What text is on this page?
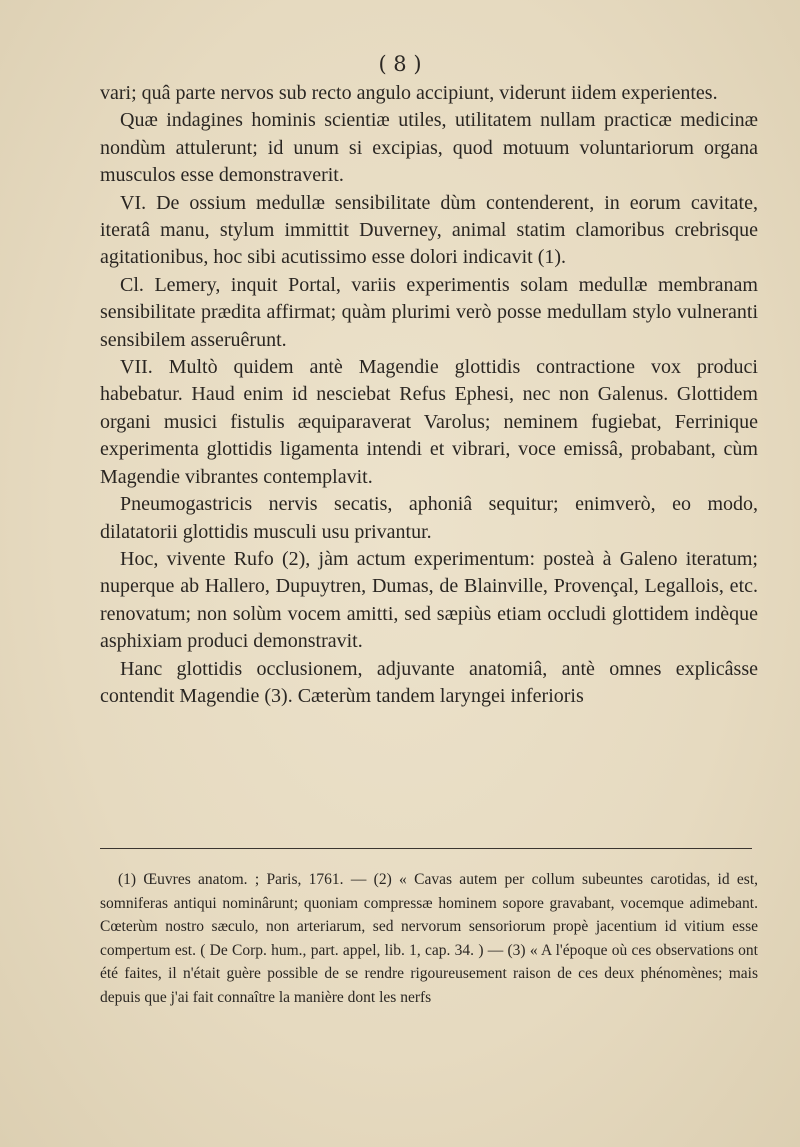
( 8 )

vari; quâ parte nervos sub recto angulo accipiunt, viderunt iidem experientes.

Quæ indagines hominis scientiæ utiles, utilitatem nullam practicæ medicinæ nondùm attulerunt; id unum si excipias, quod motuum voluntariorum organa musculos esse demonstraverit.

VI. De ossium medullæ sensibilitate dùm contenderent, in eorum cavitate, iteratâ manu, stylum immittit Duverney, animal statim clamoribus crebrisque agitationibus, hoc sibi acutissimo esse dolori indicavit (1).

Cl. Lemery, inquit Portal, variis experimentis solam medullæ membranam sensibilitate prædita affirmat; quàm plurimi verò posse medullam stylo vulneranti sensibilem asseruêrunt.

VII. Multò quidem antè Magendie glottidis contractione vox produci habebatur. Haud enim id nesciebat Refus Ephesi, nec non Galenus. Glottidem organi musici fistulis æquiparaverat Varolus; neminem fugiebat, Ferrinique experimenta glottidis ligamenta intendi et vibrari, voce emissâ, probabant, cùm Magendie vibrantes contemplavit.

Pneumogastricis nervis secatis, aphoniâ sequitur; enimverò, eo modo, dilatatorii glottidis musculi usu privantur.

Hoc, vivente Rufo (2), jàm actum experimentum: posteà à Galeno iteratum; nuperque ab Hallero, Dupuytren, Dumas, de Blainville, Provençal, Legallois, etc. renovatum; non solùm vocem amitti, sed sæpiùs etiam occludi glottidem indèque asphixiam produci demonstravit.

Hanc glottidis occlusionem, adjuvante anatomiâ, antè omnes explicâsse contendit Magendie (3). Cæterùm tandem laryngei inferioris

(1) Œuvres anatom. ; Paris, 1761. — (2) « Cavas autem per collum subeuntes carotidas, id est, somniferas antiqui nominârunt; quoniam compressæ hominem sopore gravabant, vocemque adimebant. Cœterùm nostro sæculo, non arteriarum, sed nervorum sensoriorum propè jacentium id vitium esse compertum est. ( De Corp. hum., part. appel, lib. 1, cap. 34. ) — (3) « A l'époque où ces observations ont été faites, il n'était guère possible de se rendre rigoureusement raison de ces deux phénomènes; mais depuis que j'ai fait connaître la manière dont les nerfs
